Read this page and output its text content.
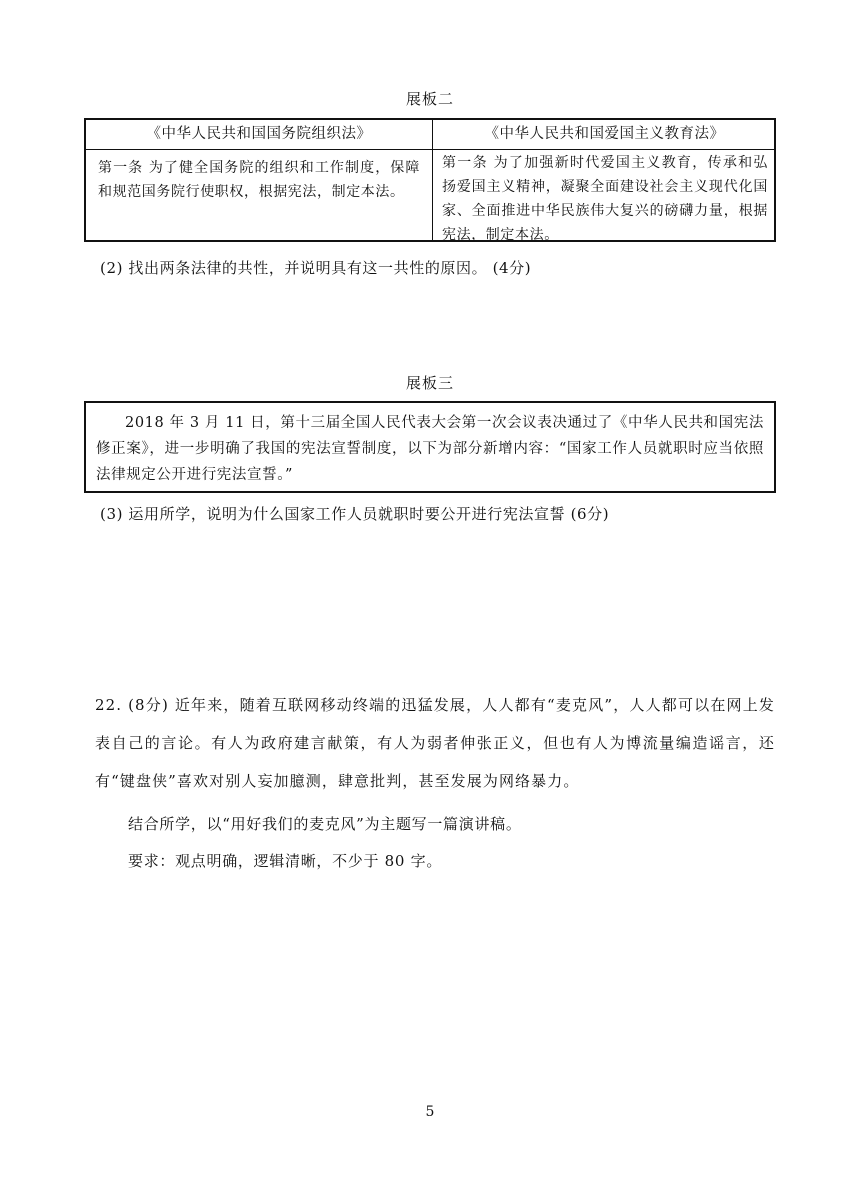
展板二
《中华人民共和国国务院组织法》	《中华人民共和国爱国主义教育法》
第一条 为了健全国务院的组织和工作制度，保障和规范国务院行使职权，根据宪法，制定本法。
第一条 为了加强新时代爱国主义教育，传承和弘扬爱国主义精神，凝聚全面建设社会主义现代化国家、全面推进中华民族伟大复兴的磅礴力量，根据宪法，制定本法。
(2) 找出两条法律的共性，并说明具有这一共性的原因。 (4分)
展板三
2018 年 3 月 11 日，第十三届全国人民代表大会第一次会议表决通过了《中华人民共和国宪法修正案》，进一步明确了我国的宪法宣誓制度，以下为部分新增内容：“国家工作人员就职时应当依照法律规定公开进行宪法宣誓。”
(3) 运用所学，说明为什么国家工作人员就职时要公开进行宪法宣誓 (6分)
22. (8分) 近年来，随着互联网移动终端的迅猛发展，人人都有“麦克风”，人人都可以在网上发表自己的言论。有人为政府建言献策，有人为弱者伸张正义，但也有人为博流量编造谣言，还有“键盘侠”喜欢对别人妄加臆测，肆意批判，甚至发展为网络暴力。
结合所学，以“用好我们的麦克风”为主题写一篇演讲稿。
要求：观点明确，逻辑清晰，不少于 80 字。
5
